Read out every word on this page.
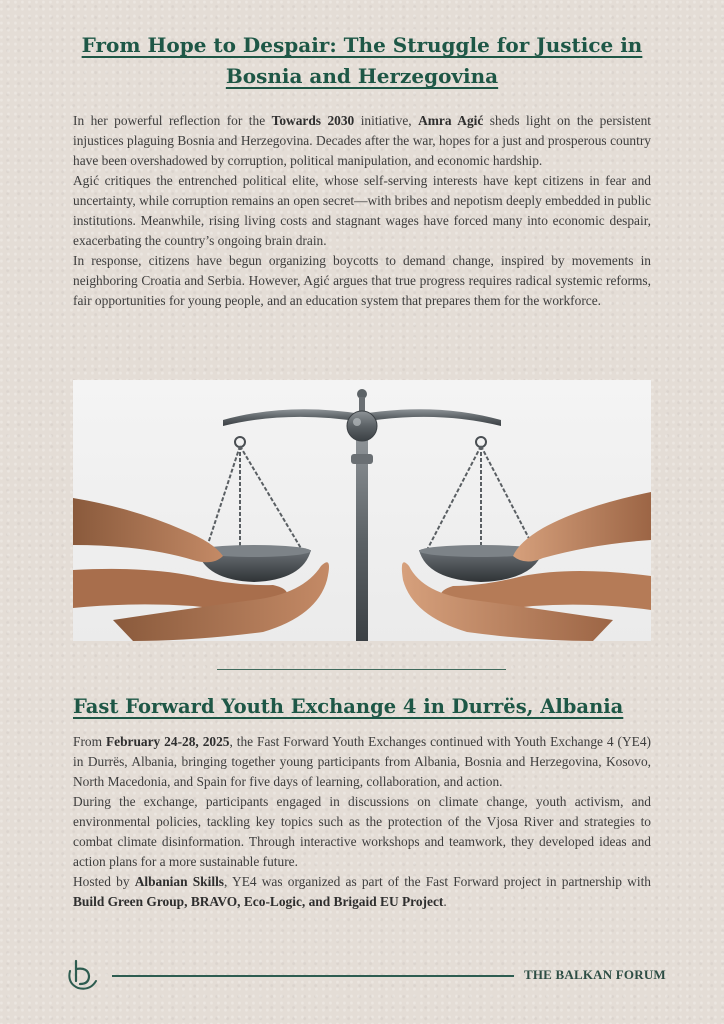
From Hope to Despair: The Struggle for Justice in Bosnia and Herzegovina

In her powerful reflection for the Towards 2030 initiative, Amra Agić sheds light on the persistent injustices plaguing Bosnia and Herzegovina. Decades after the war, hopes for a just and prosperous country have been overshadowed by corruption, political manipulation, and economic hardship.

Agić critiques the entrenched political elite, whose self-serving interests have kept citizens in fear and uncertainty, while corruption remains an open secret—with bribes and nepotism deeply embedded in public institutions. Meanwhile, rising living costs and stagnant wages have forced many into economic despair, exacerbating the country’s ongoing brain drain.

In response, citizens have begun organizing boycotts to demand change, inspired by movements in neighboring Croatia and Serbia. However, Agić argues that true progress requires radical systemic reforms, fair opportunities for young people, and an education system that prepares them for the workforce.

Fast Forward Youth Exchange 4 in Durrës, Albania

From February 24-28, 2025, the Fast Forward Youth Exchanges continued with Youth Exchange 4 (YE4) in Durrës, Albania, bringing together young participants from Albania, Bosnia and Herzegovina, Kosovo, North Macedonia, and Spain for five days of learning, collaboration, and action.

During the exchange, participants engaged in discussions on climate change, youth activism, and environmental policies, tackling key topics such as the protection of the Vjosa River and strategies to combat climate disinformation. Through interactive workshops and teamwork, they developed ideas and action plans for a more sustainable future.

Hosted by Albanian Skills, YE4 was organized as part of the Fast Forward project in partnership with Build Green Group, BRAVO, Eco-Logic, and Brigaid EU Project.

THE BALKAN FORUM
